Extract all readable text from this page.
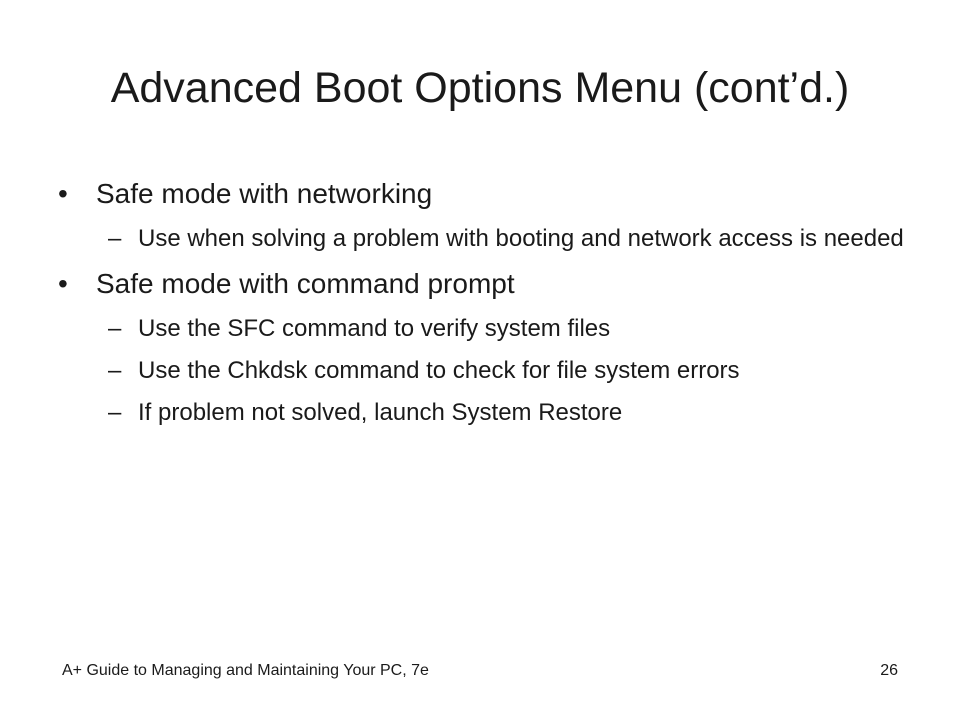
Advanced Boot Options Menu (cont’d.)
•	Safe mode with networking
– Use when solving a problem with booting and network access is needed
•	Safe mode with command prompt
– Use the SFC command to verify system files
– Use the Chkdsk command to check for file system errors
– If problem not solved, launch System Restore
A+ Guide to Managing and Maintaining Your PC, 7e	26
